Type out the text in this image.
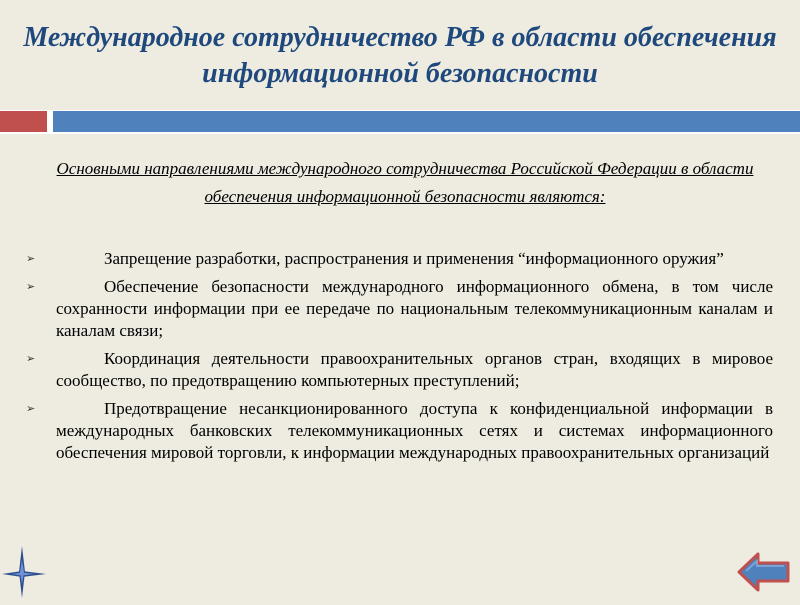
Международное сотрудничество РФ в области обеспечения информационной безопасности
Основными направлениями международного сотрудничества Российской Федерации в области обеспечения информационной безопасности являются:
➢	Запрещение разработки, распространения и применения “информационного оружия”
➢	Обеспечение безопасности международного информационного обмена, в том числе сохранности информации при ее передаче по национальным телекоммуникационным каналам и каналам связи;
➢	Координация деятельности правоохранительных органов стран, входящих в мировое сообщество, по предотвращению компьютерных преступлений;
➢	Предотвращение несанкционированного доступа к конфиденциальной информации в международных банковских телекоммуникационных сетях и системах информационного обеспечения мировой торговли, к информации международных правоохранительных организаций
